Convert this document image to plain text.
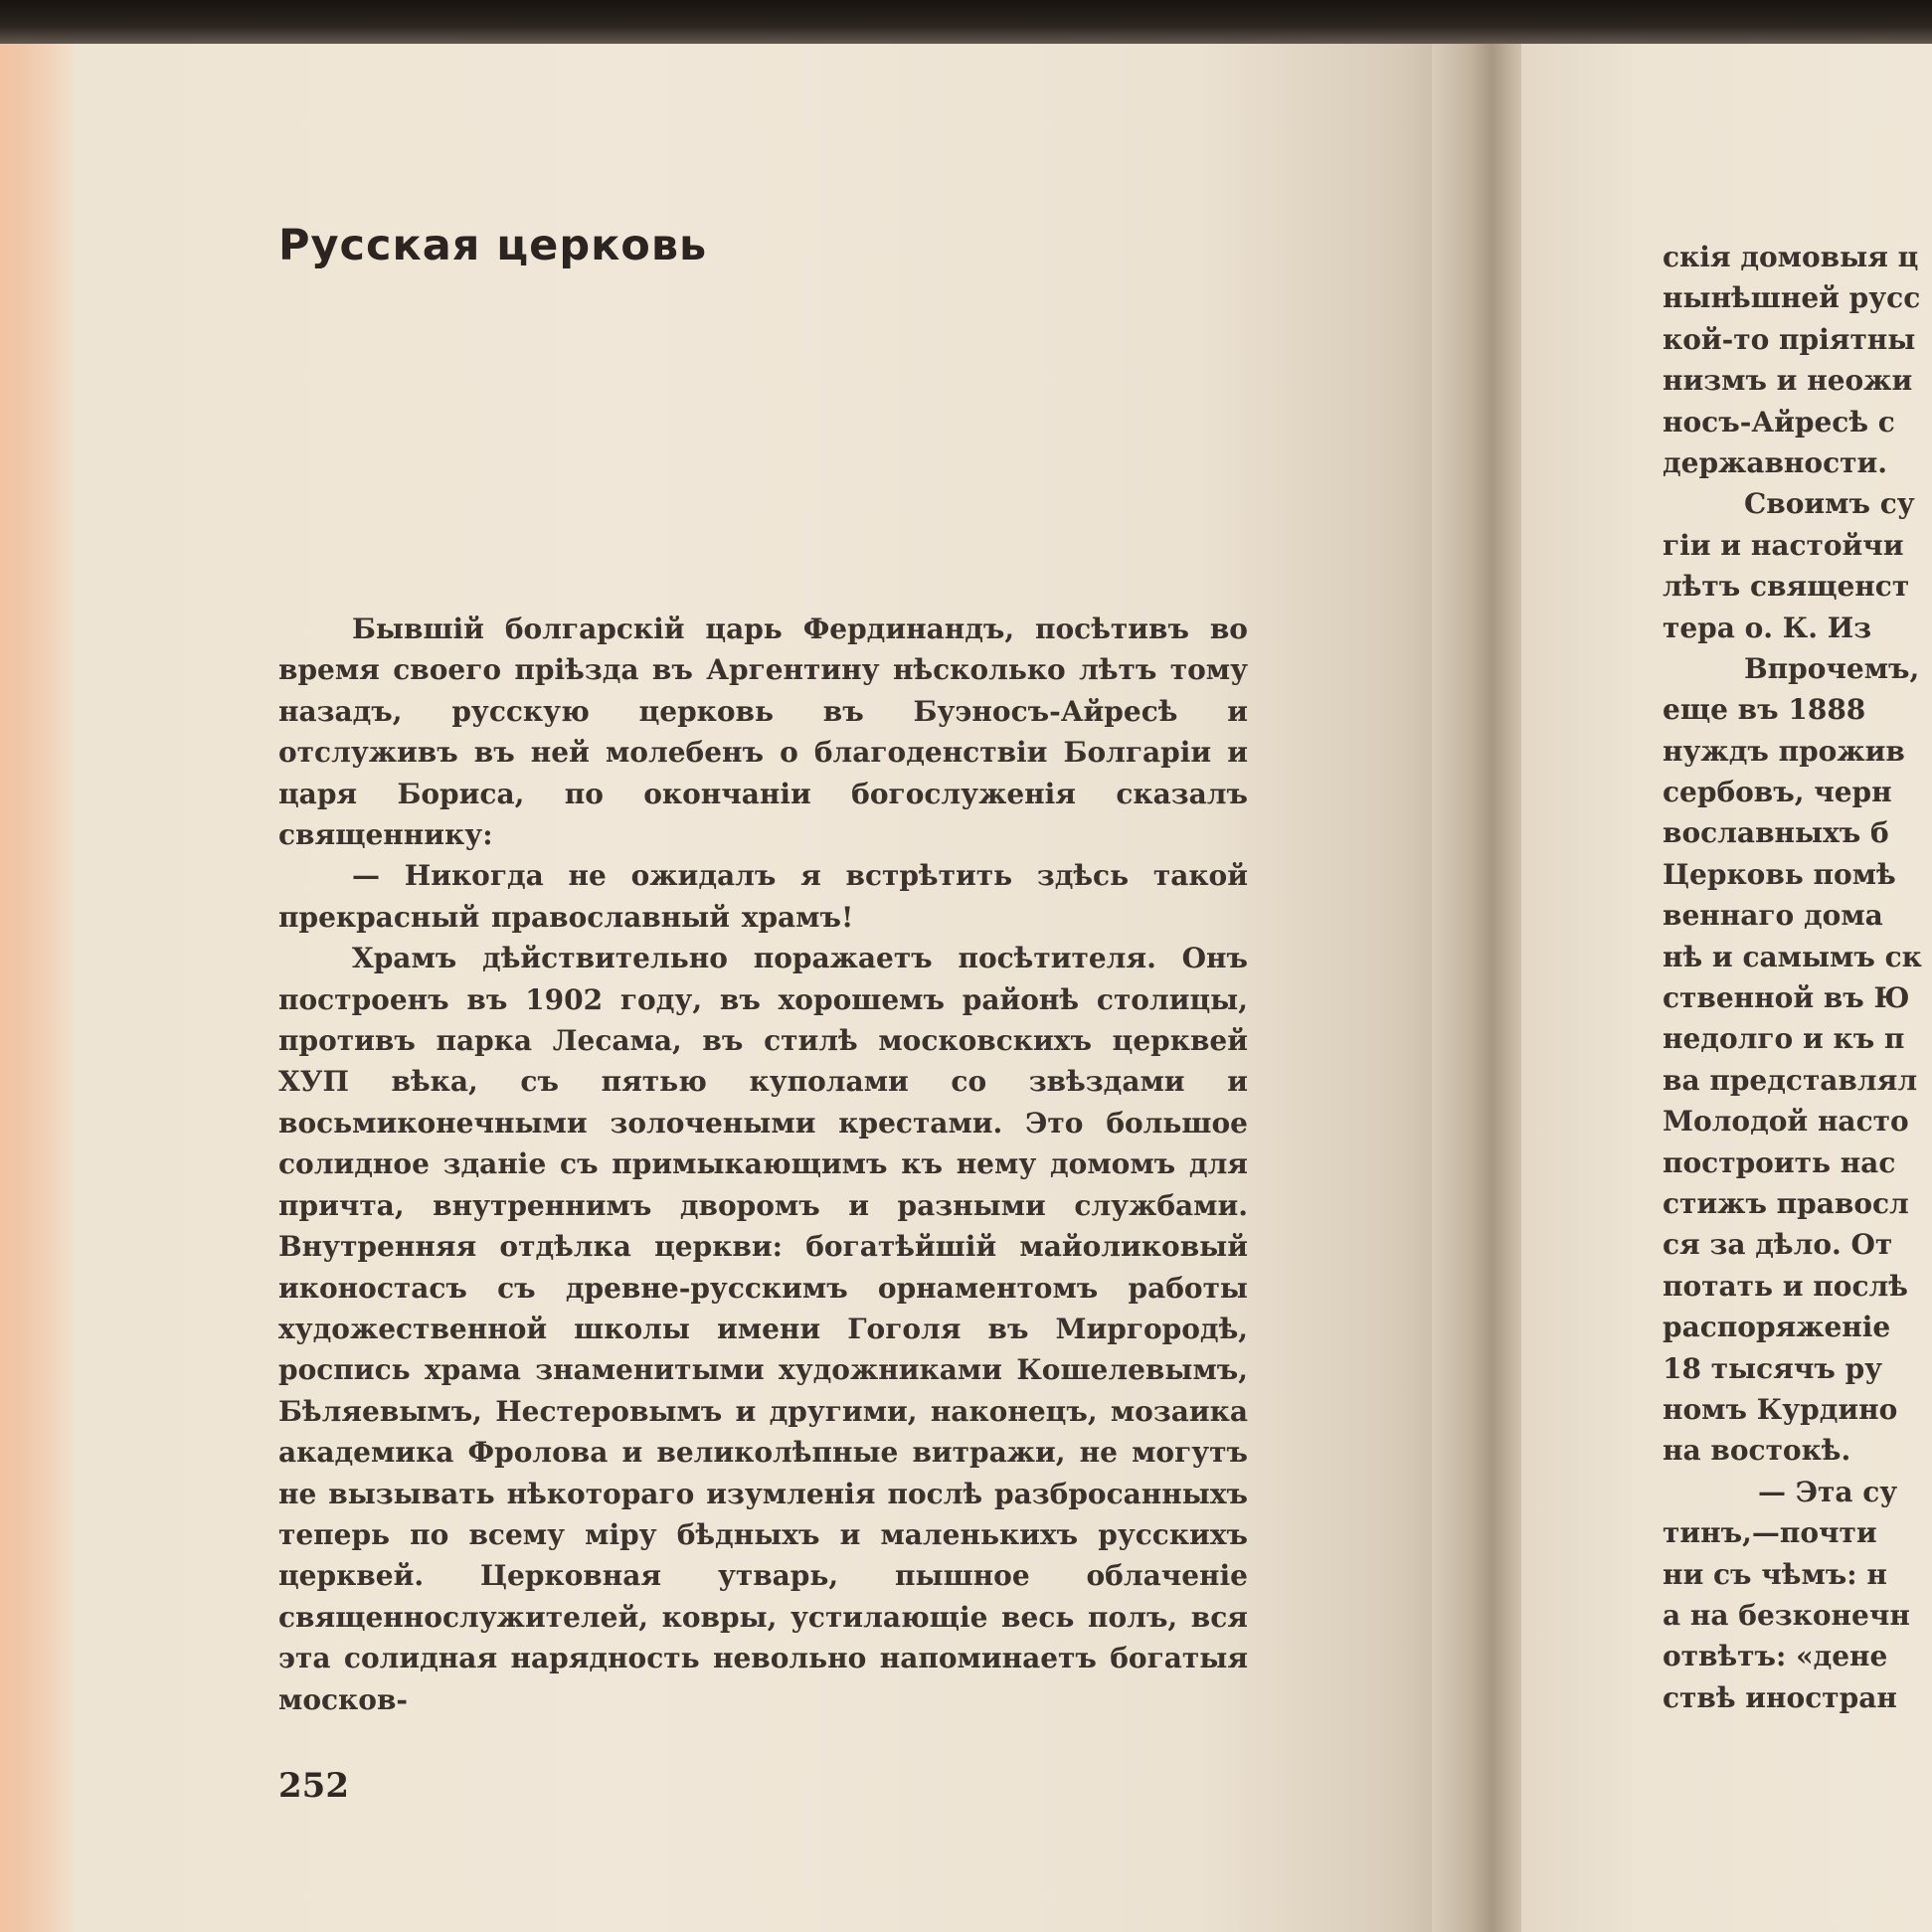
Русская церковь

Бывшій болгарскій царь Фердинандъ, посѣтивъ во время своего пріѣзда въ Аргентину нѣсколько лѣтъ тому назадъ, русскую церковь въ Буэносъ-Айресѣ и отслуживъ въ ней молебенъ о благоденствіи Болгаріи и царя Бориса, по окончаніи богослуженія сказалъ священнику:

— Никогда не ожидалъ я встрѣтить здѣсь такой прекрасный православный храмъ!

Храмъ дѣйствительно поражаетъ посѣтителя. Онъ построенъ въ 1902 году, въ хорошемъ районѣ столицы, противъ парка Лесама, въ стилѣ московскихъ церквей ХУП вѣка, съ пятью куполами со звѣздами и восьмиконечными золочеными крестами. Это большое солидное зданіе съ примыкающимъ къ нему домомъ для причта, внутреннимъ дворомъ и разными службами. Внутренняя отдѣлка церкви: богатѣйшій майоликовый иконостасъ съ древне-русскимъ орнаментомъ работы художественной школы имени Гоголя въ Миргородѣ, роспись храма знаменитыми художниками Кошелевымъ, Бѣляевымъ, Нестеровымъ и другими, наконецъ, мозаика академика Фролова и великолѣпные витражи, не могутъ не вызывать нѣкотораго изумленія послѣ разбросанныхъ теперь по всему міру бѣдныхъ и маленькихъ русскихъ церквей. Церковная утварь, пышное облаченіе священнослужителей, ковры, устилающіе весь полъ, вся эта солидная нарядность невольно напоминаетъ богатыя москов-

252
скія домовыя ц
нынѣшней русс
кой-то пріятны
низмъ и неожи
носъ-Айресѣ с
державности.
Своимъ су
гіи и настойчи
лѣтъ священст
тера о. К. Из
Впрочемъ,
еще въ 1888
нуждъ прожив
сербовъ, черн
вославныхъ б
Церковь помѣ
веннаго дома
нѣ и самымъ ск
ственной въ Ю
недолго и къ п
ва представлял
Молодой насто
построить нас
стижъ правосл
ся за дѣло. От
потать и послѣ
распоряженіе
18 тысячъ ру
номъ Курдино
на востокѣ.
— Эта су
тинъ,—почти
ни съ чѣмъ: н
а на безконечн
отвѣтъ: «дене
ствѣ иностран
